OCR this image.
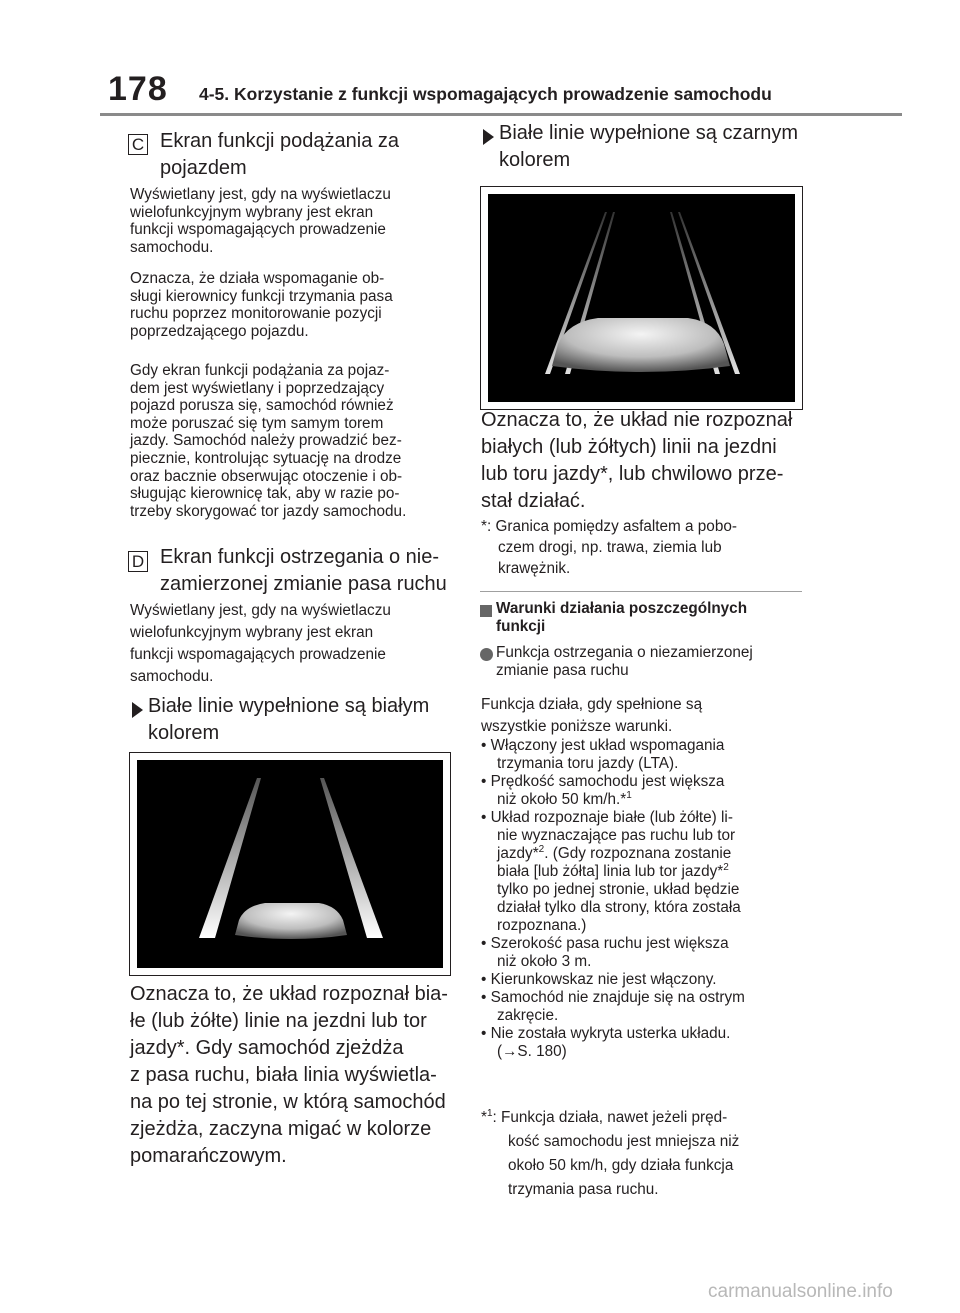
178 4-5. Korzystanie z funkcji wspomagających prowadzenie samochodu
C Ekran funkcji podążania za
pojazdem
Wyświetlany jest, gdy na wyświetlaczu
wielofunkcyjnym wybrany jest ekran
funkcji wspomagających prowadzenie
samochodu.
Oznacza, że działa wspomaganie ob-
sługi kierownicy funkcji trzymania pasa
ruchu poprzez monitorowanie pozycji
poprzedzającego pojazdu.
Gdy ekran funkcji podążania za pojaz-
dem jest wyświetlany i poprzedzający
pojazd porusza się, samochód również
może poruszać się tym samym torem
jazdy. Samochód należy prowadzić bez-
piecznie, kontrolując sytuację na drodze
oraz bacznie obserwując otoczenie i ob-
sługując kierownicę tak, aby w razie po-
trzeby skorygować tor jazdy samochodu.
D Ekran funkcji ostrzegania o nie-
zamierzonej zmianie pasa ruchu
Wyświetlany jest, gdy na wyświetlaczu
wielofunkcyjnym wybrany jest ekran
funkcji wspomagających prowadzenie
samochodu.
Białe linie wypełnione są białym
kolorem
Oznacza to, że układ rozpoznał bia-
łe (lub żółte) linie na jezdni lub tor
jazdy*. Gdy samochód zjeżdża
z pasa ruchu, biała linia wyświetla-
na po tej stronie, w którą samochód
zjeżdża, zaczyna migać w kolorze
pomarańczowym.
Białe linie wypełnione są czarnym
kolorem
Oznacza to, że układ nie rozpoznał
białych (lub żółtych) linii na jezdni
lub toru jazdy*, lub chwilowo prze-
stał działać.
*: Granica pomiędzy asfaltem a pobo-
czem drogi, np. trawa, ziemia lub
krawężnik.
Warunki działania poszczególnych
funkcji
Funkcja ostrzegania o niezamierzonej
zmianie pasa ruchu
Funkcja działa, gdy spełnione są
wszystkie poniższe warunki.
• Włączony jest układ wspomagania
trzymania toru jazdy (LTA).
• Prędkość samochodu jest większa
niż około 50 km/h.*$^1$
• Układ rozpoznaje białe (lub żółte) li-
nie wyznaczające pas ruchu lub tor
jazdy*$^2$. (Gdy rozpoznana zostanie
biała [lub żółta] linia lub tor jazdy*$^2$
tylko po jednej stronie, układ będzie
działał tylko dla strony, która została
rozpoznana.)
• Szerokość pasa ruchu jest większa
niż około 3 m.
• Kierunkowskaz nie jest włączony.
• Samochód nie znajduje się na ostrym
zakręcie.
• Nie została wykryta usterka układu.
(→S. 180)
*$^1$: Funkcja działa, nawet jeżeli pręd-
kość samochodu jest mniejsza niż
około 50 km/h, gdy działa funkcja
trzymania pasa ruchu.
carmanualsonline.info
